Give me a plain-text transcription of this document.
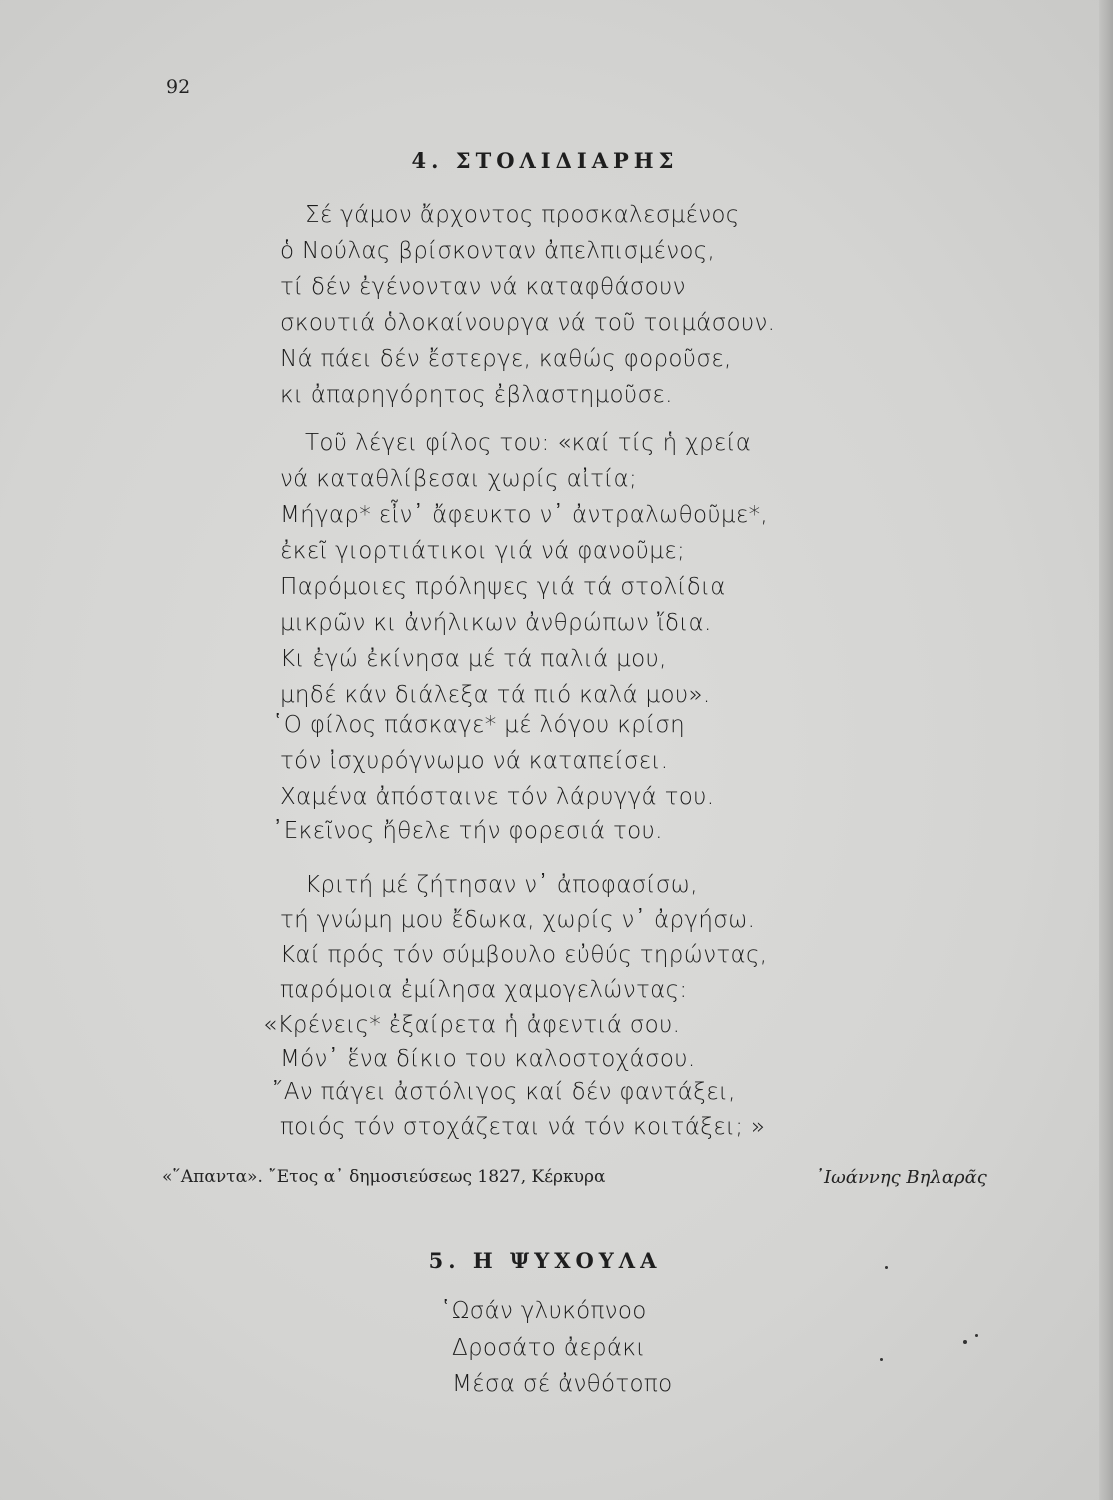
92
4. ΣΤΟΛΙΔΙΑΡΗΣ
Σέ γάμον ἄρχοντος προσκαλεσμένος
ὁ Νούλας βρίσκονταν ἀπελπισμένος,
τί δέν ἐγένονταν νά καταφθάσουν
σκουτιά ὁλοκαίνουργα νά τοῦ τοιμάσουν.
Νά πάει δέν ἔστεργε, καθώς φοροῦσε,
κι ἀπαρηγόρητος ἐβλαστημοῦσε.
Τοῦ λέγει φίλος του: «καί τίς ἡ χρεία
νά καταθλίβεσαι χωρίς αἰτία;
Μήγαρ* εἶν᾿ ἄφευκτο ν᾿ ἀντραλωθοῦμε*,
ἐκεῖ γιορτιάτικοι γιά νά φανοῦμε;
Παρόμοιες πρόληψες γιά τά στολίδια
μικρῶν κι ἀνήλικων ἀνθρώπων ἴδια.
Κι ἐγώ ἐκίνησα μέ τά παλιά μου,
μηδέ κάν διάλεξα τά πιό καλά μου».
῾Ο φίλος πάσκαγε* μέ λόγου κρίση
τόν ἰσχυρόγνωμο νά καταπείσει.
Χαμένα ἀπόσταινε τόν λάρυγγά του.
᾿Εκεῖνος ἤθελε τήν φορεσιά του.
Κριτή μέ ζήτησαν ν᾿ ἀποφασίσω,
τή γνώμη μου ἔδωκα, χωρίς ν᾿ ἀργήσω.
Καί πρός τόν σύμβουλο εὐθύς τηρώντας,
παρόμοια ἐμίλησα χαμογελώντας:
«Κρένεις* ἐξαίρετα ἡ ἀφεντιά σου.
Μόν᾿ ἕνα δίκιο του καλοστοχάσου.
῎Αν πάγει ἀστόλιγος καί δέν φαντάξει,
ποιός τόν στοχάζεται νά τόν κοιτάξει; »
«῞Απαντα». ῎Ετος α᾿ δημοσιεύσεως 1827, Κέρκυρα	᾿Ιωάννης Βηλαρᾶς
5. Η ΨΥΧΟΥΛΑ
῾Ωσάν γλυκόπνοο
Δροσάτο ἀεράκι
Μέσα σέ ἀνθότοπο
